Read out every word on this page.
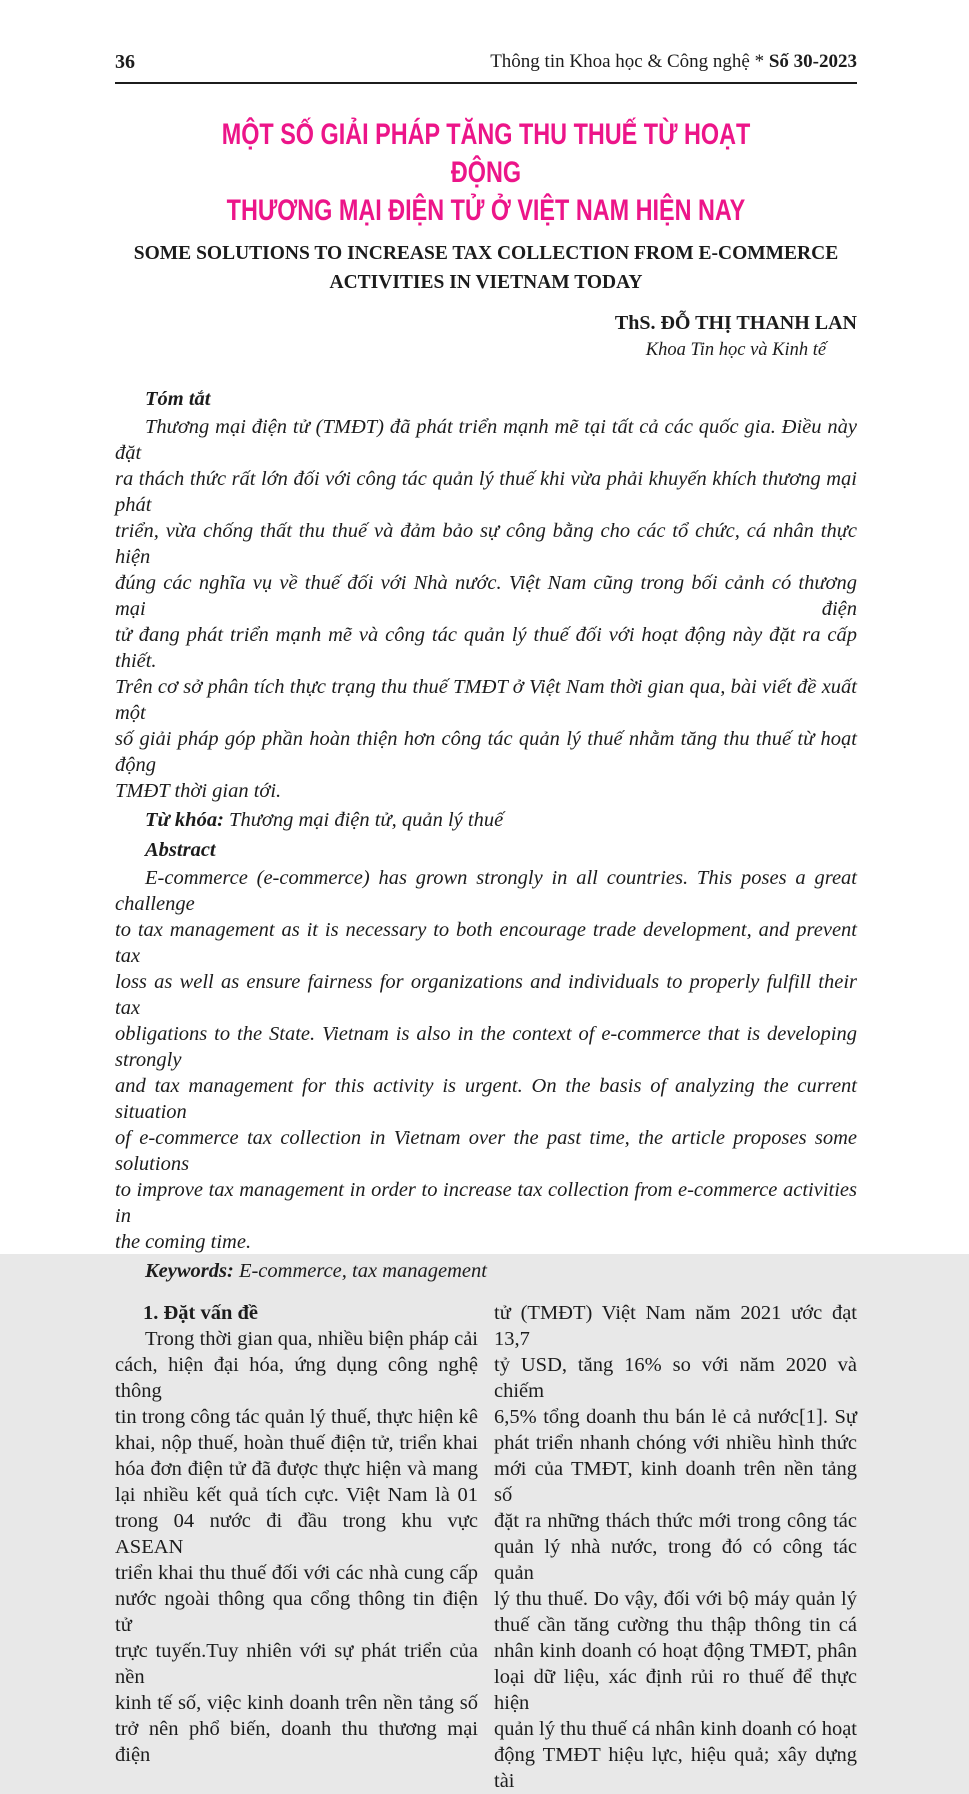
36	Thông tin Khoa học & Công nghệ * Số 30-2023
MỘT SỐ GIẢI PHÁP TĂNG THU THUẾ TỪ HOẠT ĐỘNG
THƯƠNG MẠI ĐIỆN TỬ Ở VIỆT NAM HIỆN NAY
SOME SOLUTIONS TO INCREASE TAX COLLECTION FROM E-COMMERCE
ACTIVITIES IN VIETNAM TODAY
ThS. ĐỖ THỊ THANH LAN
Khoa Tin học và Kinh tế
Tóm tắt
Thương mại điện tử (TMĐT) đã phát triển mạnh mẽ tại tất cả các quốc gia. Điều này đặt
ra thách thức rất lớn đối với công tác quản lý thuế khi vừa phải khuyến khích thương mại phát
triển, vừa chống thất thu thuế và đảm bảo sự công bằng cho các tổ chức, cá nhân thực hiện
đúng các nghĩa vụ về thuế đối với Nhà nước. Việt Nam cũng trong bối cảnh có thương mại điện
tử đang phát triển mạnh mẽ và công tác quản lý thuế đối với hoạt động này đặt ra cấp thiết.
Trên cơ sở phân tích thực trạng thu thuế TMĐT ở Việt Nam thời gian qua, bài viết đề xuất một
số giải pháp góp phần hoàn thiện hơn công tác quản lý thuế nhằm tăng thu thuế từ hoạt động
TMĐT thời gian tới.
Từ khóa: Thương mại điện tử, quản lý thuế
Abstract
E-commerce (e-commerce) has grown strongly in all countries. This poses a great challenge
to tax management as it is necessary to both encourage trade development, and prevent tax
loss as well as ensure fairness for organizations and individuals to properly fulfill their tax
obligations to the State. Vietnam is also in the context of e-commerce that is developing strongly
and tax management for this activity is urgent. On the basis of analyzing the current situation
of e-commerce tax collection in Vietnam over the past time, the article proposes some solutions
to improve tax management in order to increase tax collection from e-commerce activities in
the coming time.
Keywords: E-commerce, tax management
1. Đặt vấn đề
Trong thời gian qua, nhiều biện pháp cải
cách, hiện đại hóa, ứng dụng công nghệ thông
tin trong công tác quản lý thuế, thực hiện kê
khai, nộp thuế, hoàn thuế điện tử, triển khai
hóa đơn điện tử đã được thực hiện và mang
lại nhiều kết quả tích cực. Việt Nam là 01
trong 04 nước đi đầu trong khu vực ASEAN
triển khai thu thuế đối với các nhà cung cấp
nước ngoài thông qua cổng thông tin điện tử
trực tuyến.Tuy nhiên với sự phát triển của nền
kinh tế số, việc kinh doanh trên nền tảng số
trở nên phổ biến, doanh thu thương mại điện
tử (TMĐT) Việt Nam năm 2021 ước đạt 13,7
tỷ USD, tăng 16% so với năm 2020 và chiếm
6,5% tổng doanh thu bán lẻ cả nước[1]. Sự
phát triển nhanh chóng với nhiều hình thức
mới của TMĐT, kinh doanh trên nền tảng số
đặt ra những thách thức mới trong công tác
quản lý nhà nước, trong đó có công tác quản
lý thu thuế. Do vậy, đối với bộ máy quản lý
thuế cần tăng cường thu thập thông tin cá
nhân kinh doanh có hoạt động TMĐT, phân
loại dữ liệu, xác định rủi ro thuế để thực hiện
quản lý thu thuế cá nhân kinh doanh có hoạt
động TMĐT hiệu lực, hiệu quả; xây dựng tài
